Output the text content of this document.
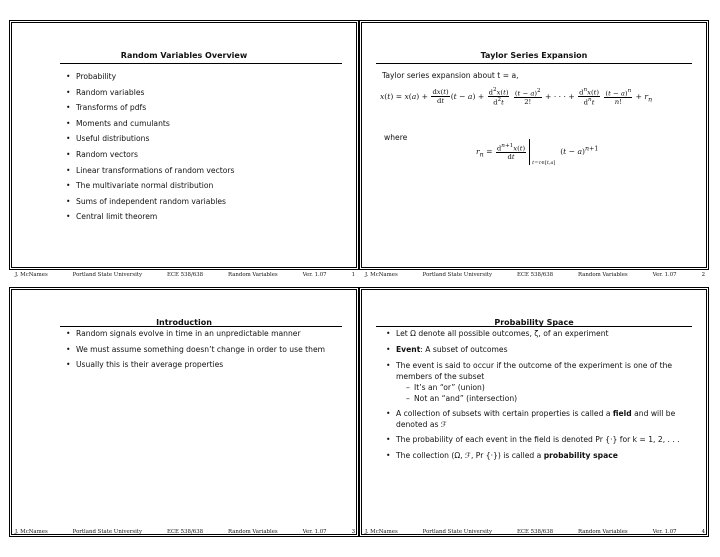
Random Variables Overview
• Probability
• Random variables
• Transforms of pdfs
• Moments and cumulants
• Useful distributions
• Random vectors
• Linear transformations of random vectors
• The multivariate normal distribution
• Sums of independent random variables
• Central limit theorem
Taylor Series Expansion
Taylor series expansion about t = a,
$x(t) = x(a) + \frac{dx(t)}{dt} (t - a) + \frac{d^2x(t)}{d^2t}$
$\frac{(t - a)^2}{2!}$ + · · · + $\frac{d^nx(t)}{d^nt}$
$\frac{(t - a)^n}{n!} + r_n$
where
$r_n = \frac{d^{n+1}x(t)}{dt}$
$_{t=\tau\in[t,a]}$  $(t - a)^{n+1}$
Introduction
• Random signals evolve in time in an unpredictable manner
• We must assume something doesn’t change in order to use them
• Usually this is their average properties
Probability Space
• Let Ω denote all possible outcomes, ζ, of an experiment
• Event: A subset of outcomes
• The event is said to occur if the outcome of the experiment is one of the members of the subset
– It’s an “or” (union)
– Not an “and” (intersection)
• A collection of subsets with certain properties is called a field and will be denoted as ℱ
• The probability of each event in the field is denoted Pr {·} for k = 1, 2, . . .
• The collection (Ω, ℱ, Pr {·}) is called a probability space
J. McNames	Portland State University	ECE 538/638	Random Variables	Ver. 1.07	1 J. McNames	Portland State University	ECE 538/638	Random Variables	Ver. 1.07	2
J. McNames	Portland State University	ECE 538/638	Random Variables	Ver. 1.07	3 J. McNames	Portland State University	ECE 538/638	Random Variables	Ver. 1.07	4
